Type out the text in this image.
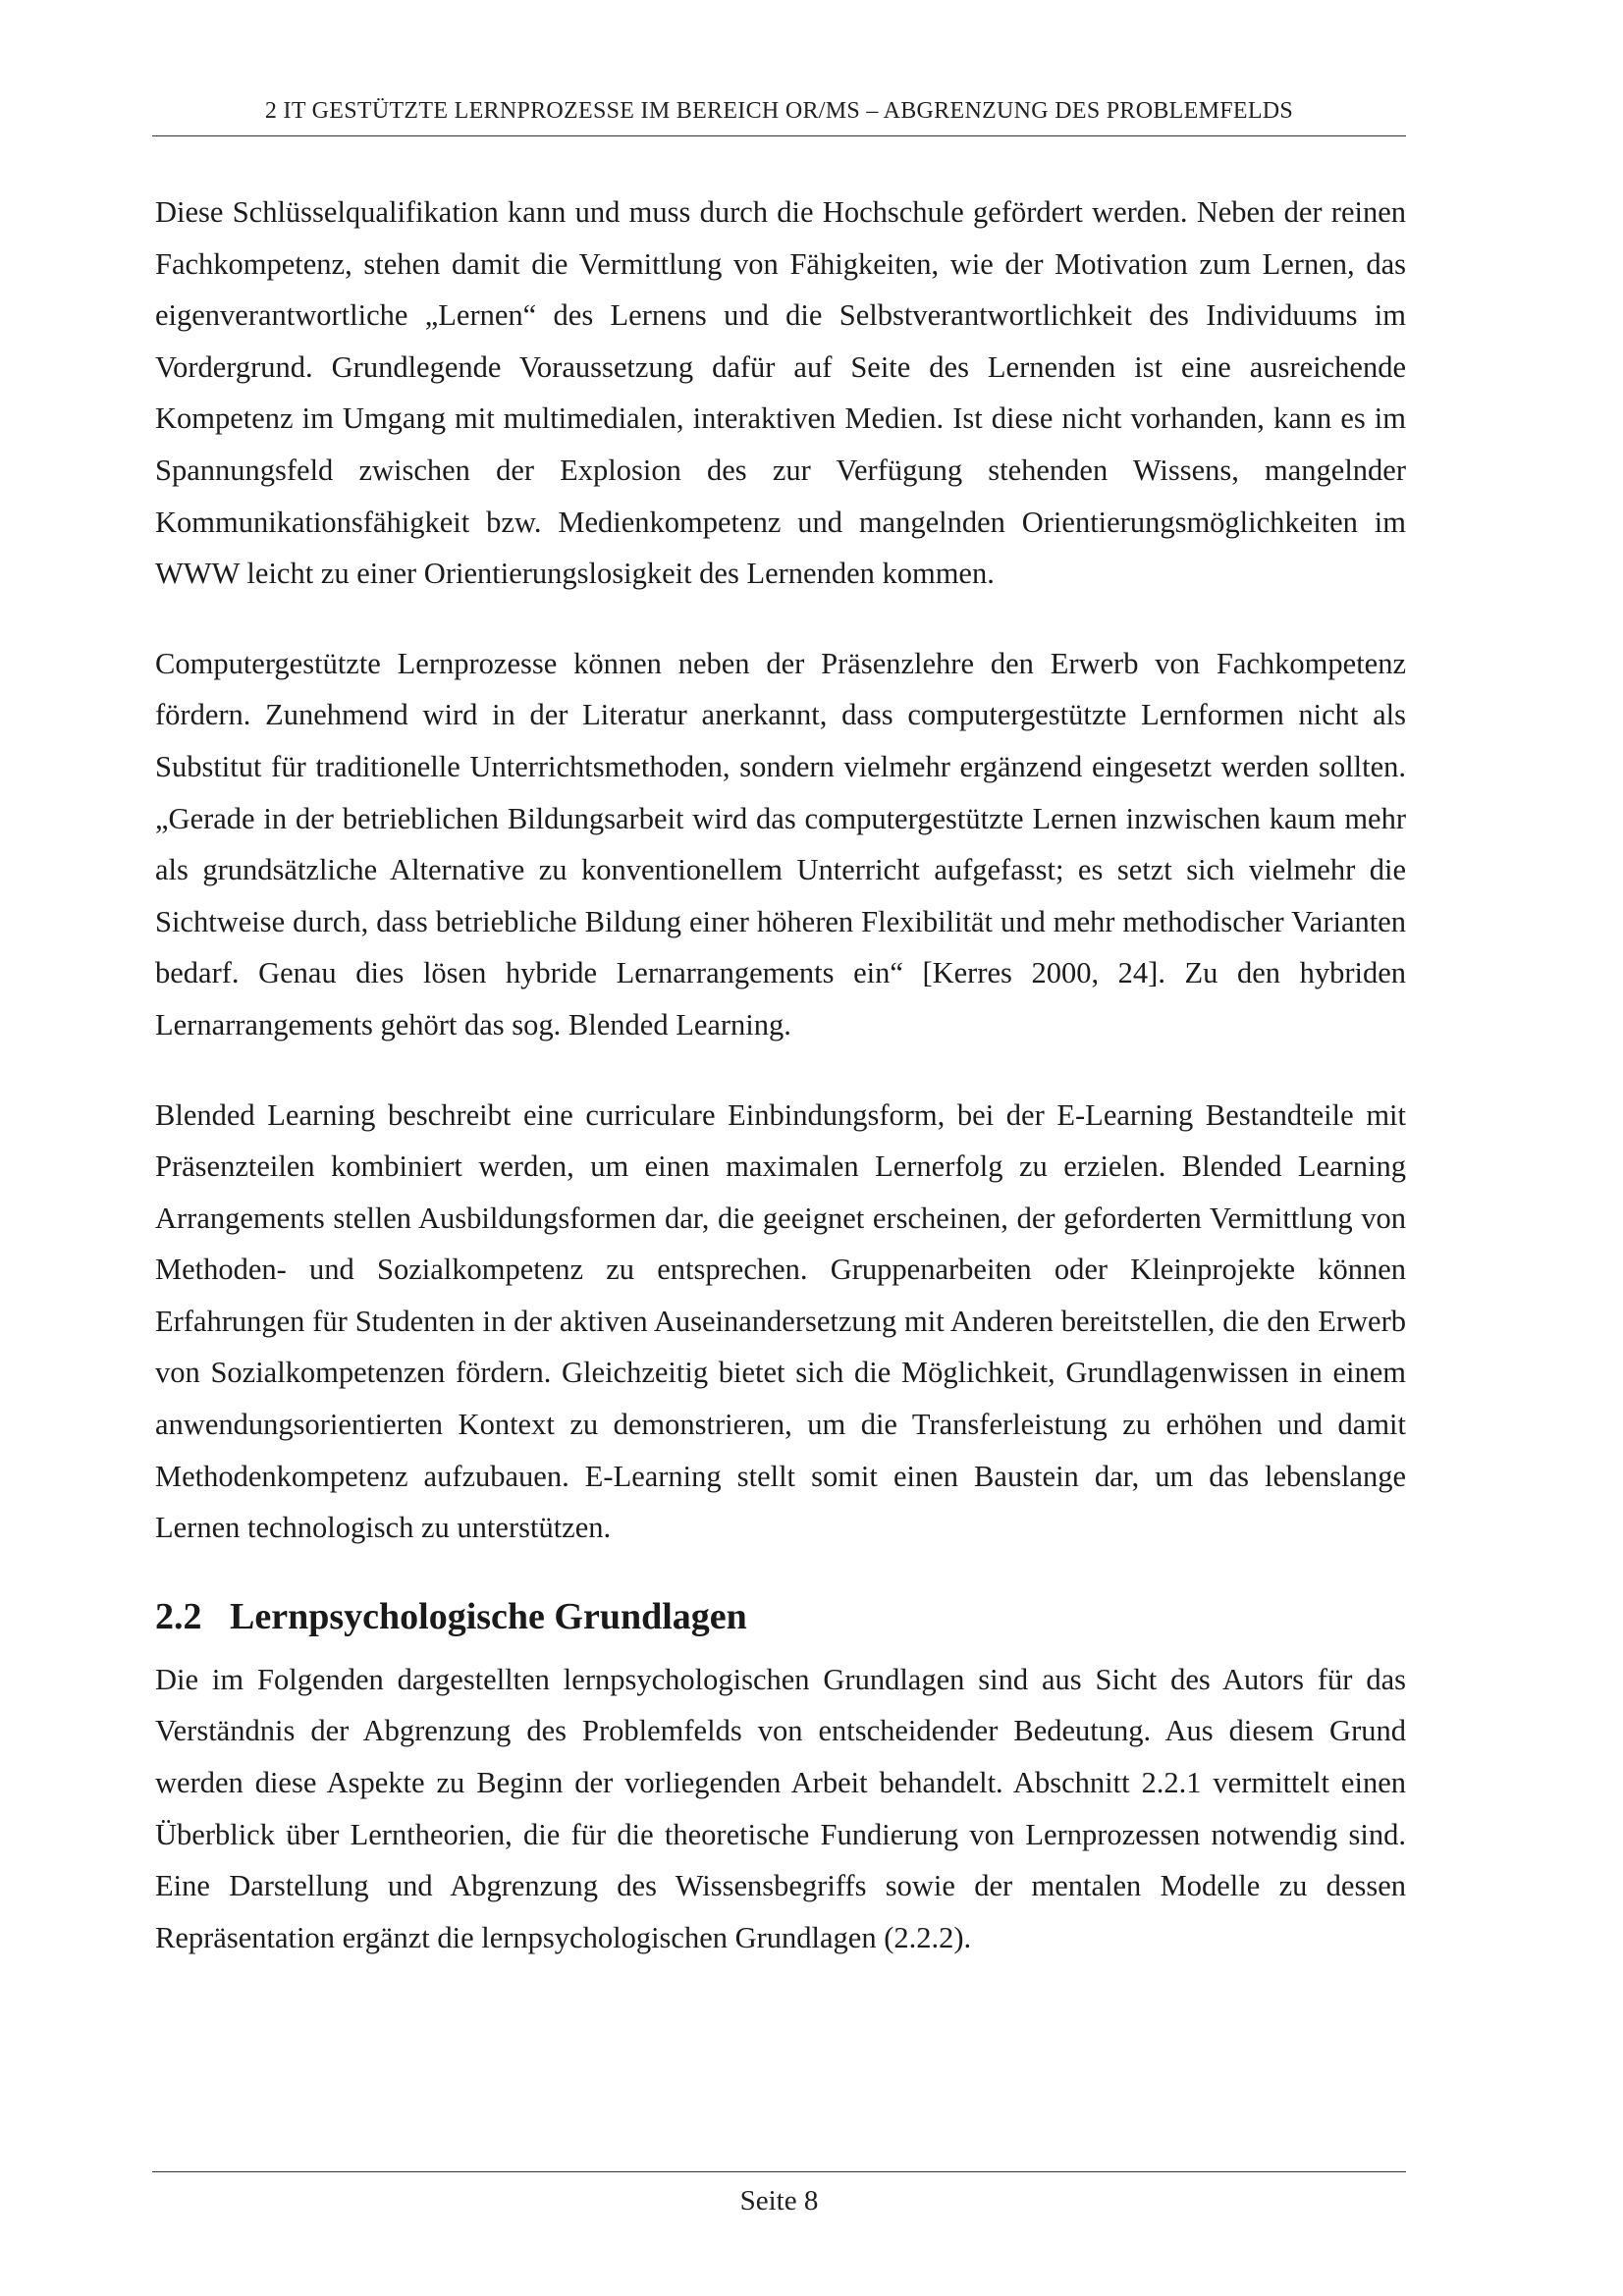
2 IT GESTÜTZTE LERNPROZESSE IM BEREICH OR/MS – ABGRENZUNG DES PROBLEMFELDS

Diese Schlüsselqualifikation kann und muss durch die Hochschule gefördert werden. Neben der reinen Fachkompetenz, stehen damit die Vermittlung von Fähigkeiten, wie der Motivation zum Lernen, das eigenverantwortliche „Lernen“ des Lernens und die Selbstverantwortlichkeit des Individuums im Vordergrund. Grundlegende Voraussetzung dafür auf Seite des Lernenden ist eine ausreichende Kompetenz im Umgang mit multimedialen, interaktiven Medien. Ist diese nicht vorhanden, kann es im Spannungsfeld zwischen der Explosion des zur Verfügung stehenden Wissens, mangelnder Kommunikationsfähigkeit bzw. Medienkompetenz und mangelnden Orientierungsmöglichkeiten im WWW leicht zu einer Orientierungslosigkeit des Lernenden kommen.

Computergestützte Lernprozesse können neben der Präsenzlehre den Erwerb von Fachkompetenz fördern. Zunehmend wird in der Literatur anerkannt, dass computergestützte Lernformen nicht als Substitut für traditionelle Unterrichtsmethoden, sondern vielmehr ergänzend eingesetzt werden sollten. „Gerade in der betrieblichen Bildungsarbeit wird das computergestützte Lernen inzwischen kaum mehr als grundsätzliche Alternative zu konventionellem Unterricht aufgefasst; es setzt sich vielmehr die Sichtweise durch, dass betriebliche Bildung einer höheren Flexibilität und mehr methodischer Varianten bedarf. Genau dies lösen hybride Lernarrangements ein“ [Kerres 2000, 24]. Zu den hybriden Lernarrangements gehört das sog. Blended Learning.

Blended Learning beschreibt eine curriculare Einbindungsform, bei der E-Learning Bestandteile mit Präsenzteilen kombiniert werden, um einen maximalen Lernerfolg zu erzielen. Blended Learning Arrangements stellen Ausbildungsformen dar, die geeignet erscheinen, der geforderten Vermittlung von Methoden- und Sozialkompetenz zu entsprechen. Gruppenarbeiten oder Kleinprojekte können Erfahrungen für Studenten in der aktiven Auseinandersetzung mit Anderen bereitstellen, die den Erwerb von Sozialkompetenzen fördern. Gleichzeitig bietet sich die Möglichkeit, Grundlagenwissen in einem anwendungsorientierten Kontext zu demonstrieren, um die Transferleistung zu erhöhen und damit Methodenkompetenz aufzubauen. E-Learning stellt somit einen Baustein dar, um das lebenslange Lernen technologisch zu unterstützen.

2.2 Lernpsychologische Grundlagen

Die im Folgenden dargestellten lernpsychologischen Grundlagen sind aus Sicht des Autors für das Verständnis der Abgrenzung des Problemfelds von entscheidender Bedeutung. Aus diesem Grund werden diese Aspekte zu Beginn der vorliegenden Arbeit behandelt. Abschnitt 2.2.1 vermittelt einen Überblick über Lerntheorien, die für die theoretische Fundierung von Lernprozessen notwendig sind. Eine Darstellung und Abgrenzung des Wissensbegriffs sowie der mentalen Modelle zu dessen Repräsentation ergänzt die lernpsychologischen Grundlagen (2.2.2).

Seite 8
